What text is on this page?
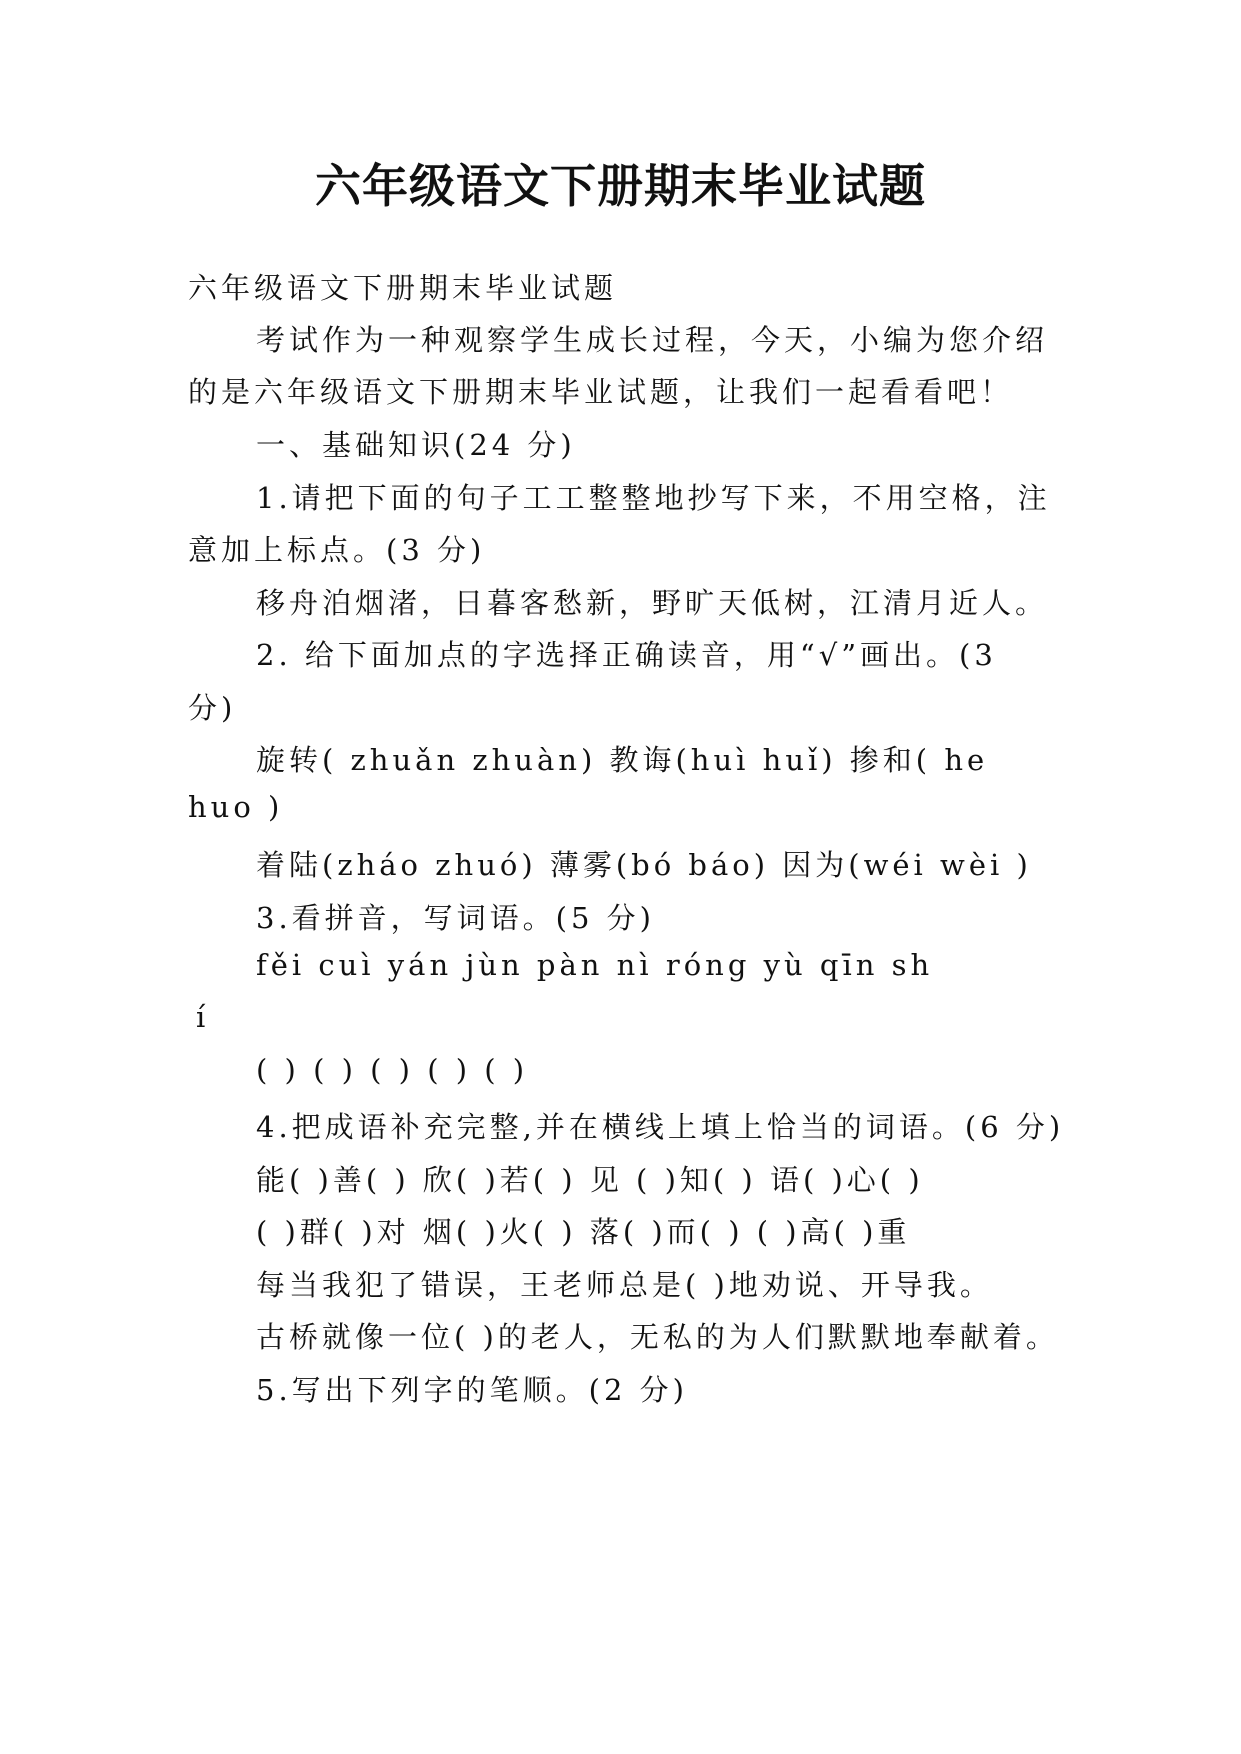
六年级语文下册期末毕业试题

六年级语文下册期末毕业试题

考试作为一种观察学生成长过程，今天，小编为您介绍

的是六年级语文下册期末毕业试题，让我们一起看看吧！

一、基础知识(24 分)

1.请把下面的句子工工整整地抄写下来，不用空格，注

意加上标点。(3 分)

移舟泊烟渚，日暮客愁新，野旷天低树，江清月近人。

2. 给下面加点的字选择正确读音，用“√”画出。(3

分)

旋转( zhuǎn zhuàn) 教诲(huì huǐ) 掺和( he

huo )

着陆(zháo zhuó) 薄雾(bó báo) 因为(wéi wèi )

3.看拼音，写词语。(5 分)

fěi cuì yán jùn pàn nì róng yù qīn sh

í

( ) ( ) ( ) ( ) ( )

4.把成语补充完整,并在横线上填上恰当的词语。(6 分)

能( )善( ) 欣( )若( ) 见 ( )知( ) 语( )心( )

( )群( )对 烟( )火( ) 落( )而( ) ( )高( )重

每当我犯了错误，王老师总是( )地劝说、开导我。

古桥就像一位( )的老人，无私的为人们默默地奉献着。

5.写出下列字的笔顺。(2 分)
